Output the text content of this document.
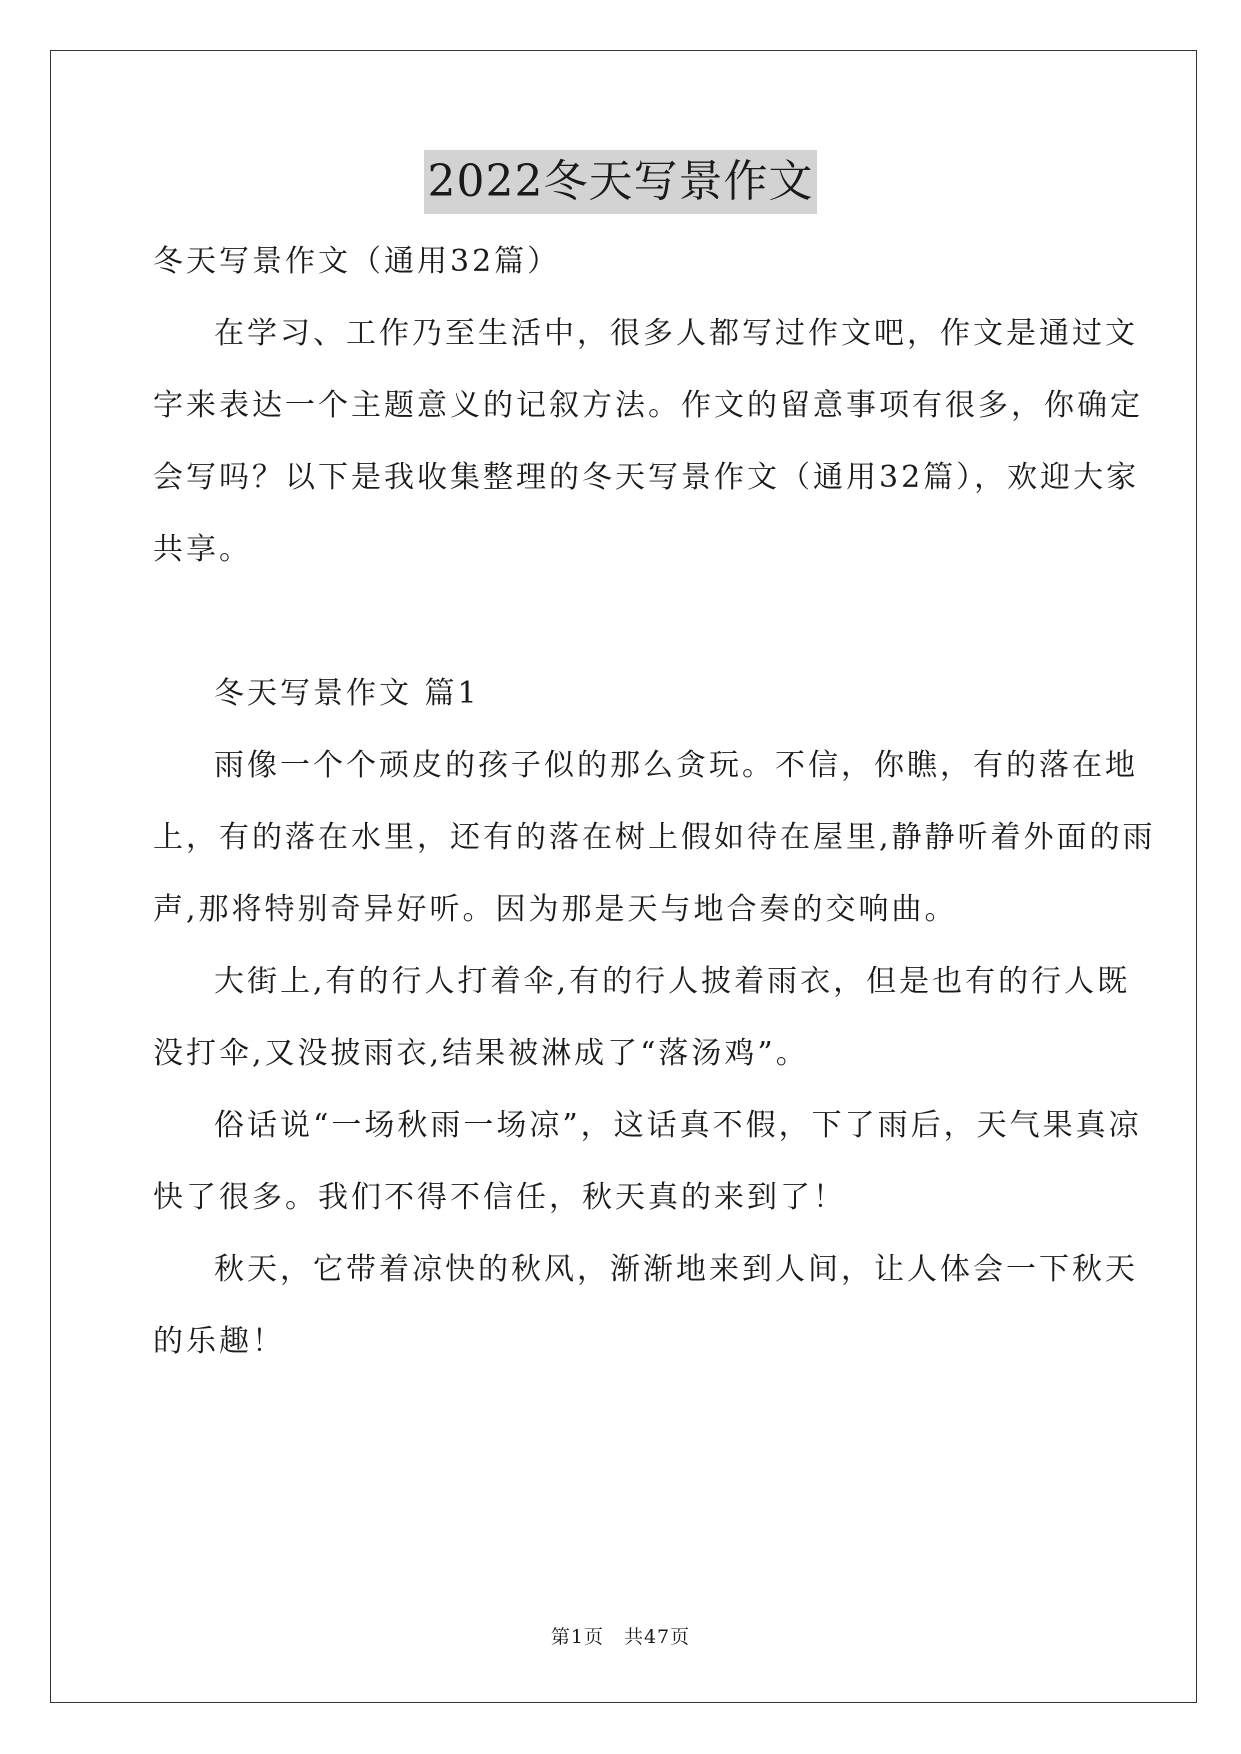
2022冬天写景作文
冬天写景作文（通用32篇）
在学习、工作乃至生活中，很多人都写过作文吧，作文是通过文
字来表达一个主题意义的记叙方法。作文的留意事项有很多，你确定
会写吗？以下是我收集整理的冬天写景作文（通用32篇），欢迎大家
共享。
冬天写景作文 篇1
雨像一个个顽皮的孩子似的那么贪玩。不信，你瞧，有的落在地
上，有的落在水里，还有的落在树上假如待在屋里,静静听着外面的雨
声,那将特别奇异好听。因为那是天与地合奏的交响曲。
大街上,有的行人打着伞,有的行人披着雨衣，但是也有的行人既
没打伞,又没披雨衣,结果被淋成了“落汤鸡”。
俗话说“一场秋雨一场凉”，这话真不假，下了雨后，天气果真凉
快了很多。我们不得不信任，秋天真的来到了！
秋天，它带着凉快的秋风，渐渐地来到人间，让人体会一下秋天
的乐趣！
第1页　共47页
